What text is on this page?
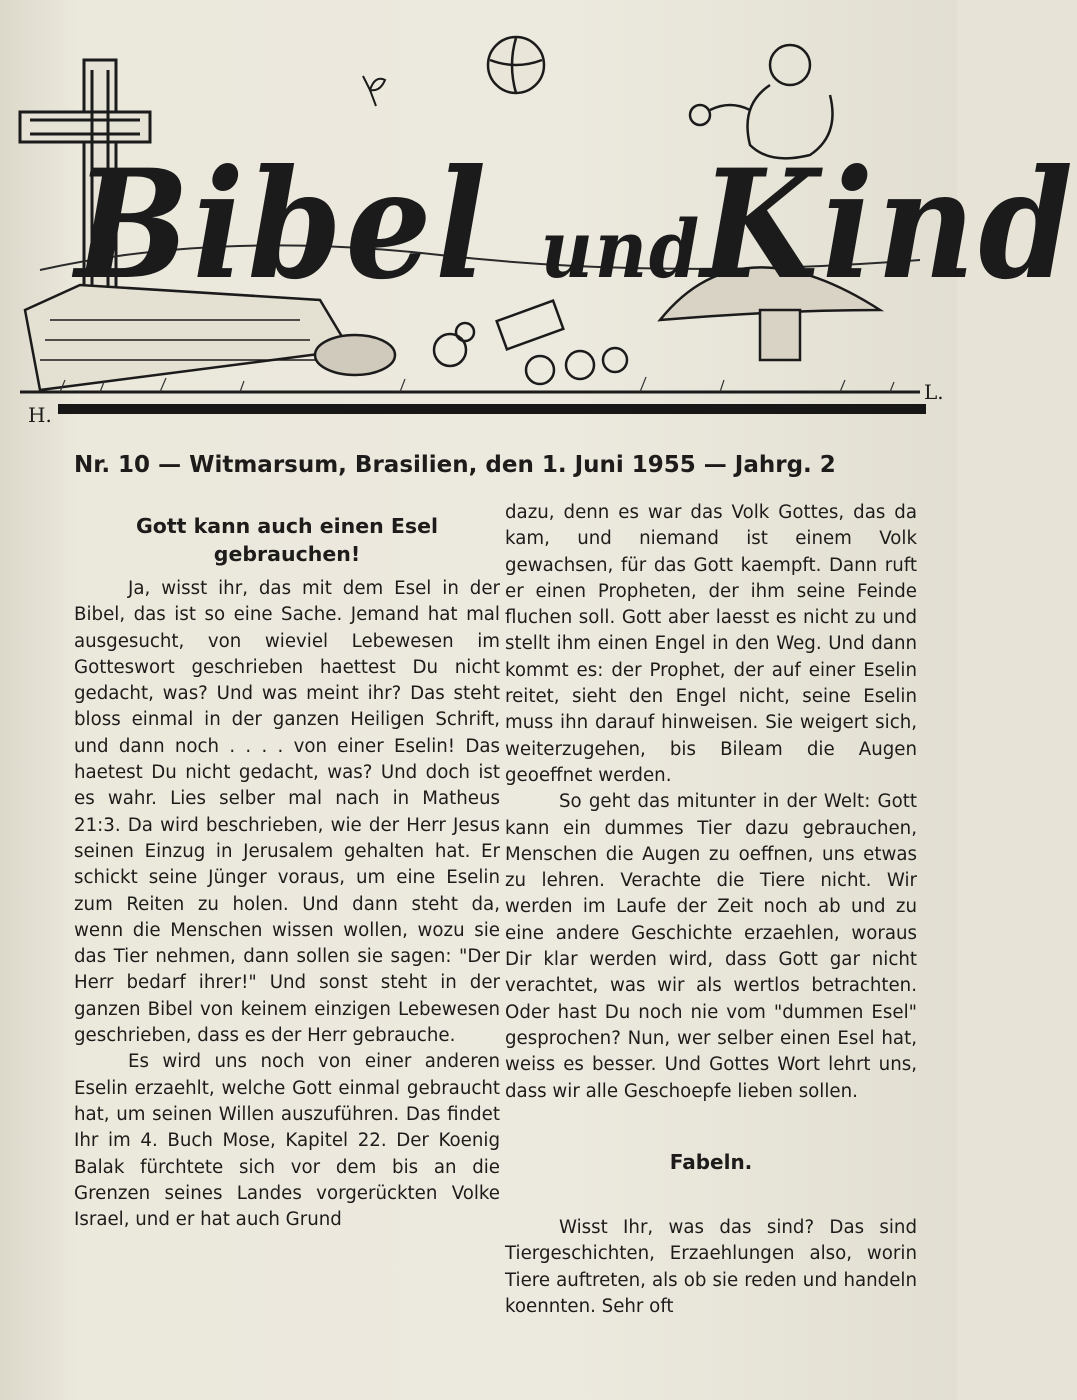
Bibel undKind
H.
L.
Nr. 10 — Witmarsum, Brasilien, den 1. Juni 1955 — Jahrg. 2
Gott kann auch einen Esel gebrauchen!

Ja, wisst ihr, das mit dem Esel in der Bibel, das ist so eine Sache. Jemand hat mal ausgesucht, von wieviel Lebewesen im Gotteswort geschrieben haettest Du nicht gedacht, was? Und was meint ihr? Das steht bloss einmal in der ganzen Heiligen Schrift, und dann noch . . . . von einer Eselin! Das haetest Du nicht gedacht, was? Und doch ist es wahr. Lies selber mal nach in Matheus 21:3. Da wird beschrieben, wie der Herr Jesus seinen Einzug in Jerusalem gehalten hat. Er schickt seine Jünger voraus, um eine Eselin zum Reiten zu holen. Und dann steht da, wenn die Menschen wissen wollen, wozu sie das Tier nehmen, dann sollen sie sagen: "Der Herr bedarf ihrer!" Und sonst steht in der ganzen Bibel von keinem einzigen Lebewesen geschrieben, dass es der Herr gebrauche.

Es wird uns noch von einer anderen Eselin erzaehlt, welche Gott einmal gebraucht hat, um seinen Willen auszuführen. Das findet Ihr im 4. Buch Mose, Kapitel 22. Der Koenig Balak fürchtete sich vor dem bis an die Grenzen seines Landes vorgerückten Volke Israel, und er hat auch Grund

dazu, denn es war das Volk Gottes, das da kam, und niemand ist einem Volk gewachsen, für das Gott kaempft. Dann ruft er einen Propheten, der ihm seine Feinde fluchen soll. Gott aber laesst es nicht zu und stellt ihm einen Engel in den Weg. Und dann kommt es: der Prophet, der auf einer Eselin reitet, sieht den Engel nicht, seine Eselin muss ihn darauf hinweisen. Sie weigert sich, weiterzugehen, bis Bileam die Augen geoeffnet werden.

So geht das mitunter in der Welt: Gott kann ein dummes Tier dazu gebrauchen, Menschen die Augen zu oeffnen, uns etwas zu lehren. Verachte die Tiere nicht. Wir werden im Laufe der Zeit noch ab und zu eine andere Geschichte erzaehlen, woraus Dir klar werden wird, dass Gott gar nicht verachtet, was wir als wertlos betrachten. Oder hast Du noch nie vom "dummen Esel" gesprochen? Nun, wer selber einen Esel hat, weiss es besser. Und Gottes Wort lehrt uns, dass wir alle Geschoepfe lieben sollen.

Fabeln.

Wisst Ihr, was das sind? Das sind Tiergeschichten, Erzaehlungen also, worin Tiere auftreten, als ob sie reden und handeln koennten. Sehr oft
